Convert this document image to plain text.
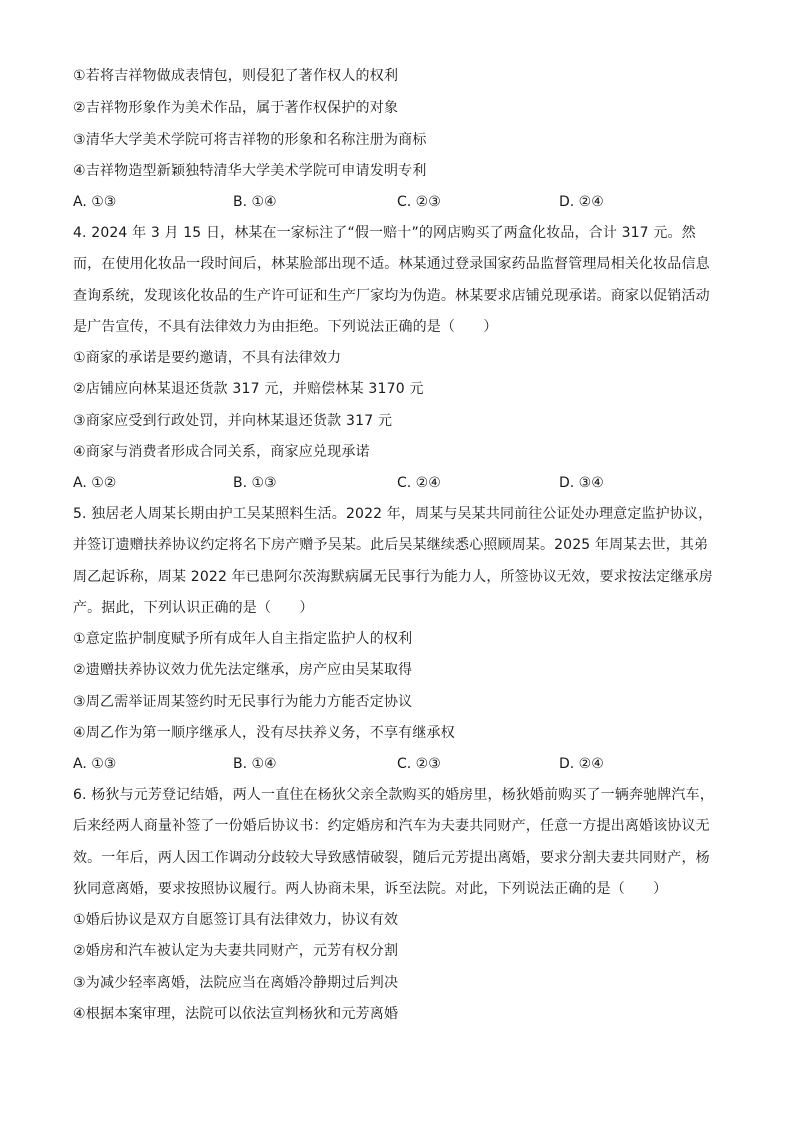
①若将吉祥物做成表情包，则侵犯了著作权人的权利
②吉祥物形象作为美术作品，属于著作权保护的对象
③清华大学美术学院可将吉祥物的形象和名称注册为商标
④吉祥物造型新颖独特清华大学美术学院可申请发明专利
A. ①③	B. ①④	C. ②③	D. ②④
4. 2024 年 3 月 15 日，林某在一家标注了“假一赔十”的网店购买了两盒化妆品，合计 317 元。然而，在使用化妆品一段时间后，林某脸部出现不适。林某通过登录国家药品监督管理局相关化妆品信息查询系统，发现该化妆品的生产许可证和生产厂家均为伪造。林某要求店铺兑现承诺。商家以促销活动是广告宣传，不具有法律效力为由拒绝。下列说法正确的是（　　）
①商家的承诺是要约邀请，不具有法律效力
②店铺应向林某退还货款 317 元，并赔偿林某 3170 元
③商家应受到行政处罚，并向林某退还货款 317 元
④商家与消费者形成合同关系，商家应兑现承诺
A. ①②	B. ①③	C. ②④	D. ③④
5. 独居老人周某长期由护工吴某照料生活。2022 年，周某与吴某共同前往公证处办理意定监护协议，并签订遗赠扶养协议约定将名下房产赠予吴某。此后吴某继续悉心照顾周某。2025 年周某去世，其弟周乙起诉称，周某 2022 年已患阿尔茨海默病属无民事行为能力人，所签协议无效，要求按法定继承房产。据此，下列认识正确的是（　　）
①意定监护制度赋予所有成年人自主指定监护人的权利
②遗赠扶养协议效力优先法定继承，房产应由吴某取得
③周乙需举证周某签约时无民事行为能力方能否定协议
④周乙作为第一顺序继承人，没有尽扶养义务，不享有继承权
A. ①③	B. ①④	C. ②③	D. ②④
6. 杨狄与元芳登记结婚，两人一直住在杨狄父亲全款购买的婚房里，杨狄婚前购买了一辆奔驰牌汽车，后来经两人商量补签了一份婚后协议书：约定婚房和汽车为夫妻共同财产，任意一方提出离婚该协议无效。一年后，两人因工作调动分歧较大导致感情破裂，随后元芳提出离婚，要求分割夫妻共同财产，杨狄同意离婚，要求按照协议履行。两人协商未果，诉至法院。对此，下列说法正确的是（　　）
①婚后协议是双方自愿签订具有法律效力，协议有效
②婚房和汽车被认定为夫妻共同财产，元芳有权分割
③为减少轻率离婚，法院应当在离婚冷静期过后判决
④根据本案审理，法院可以依法宣判杨狄和元芳离婚
